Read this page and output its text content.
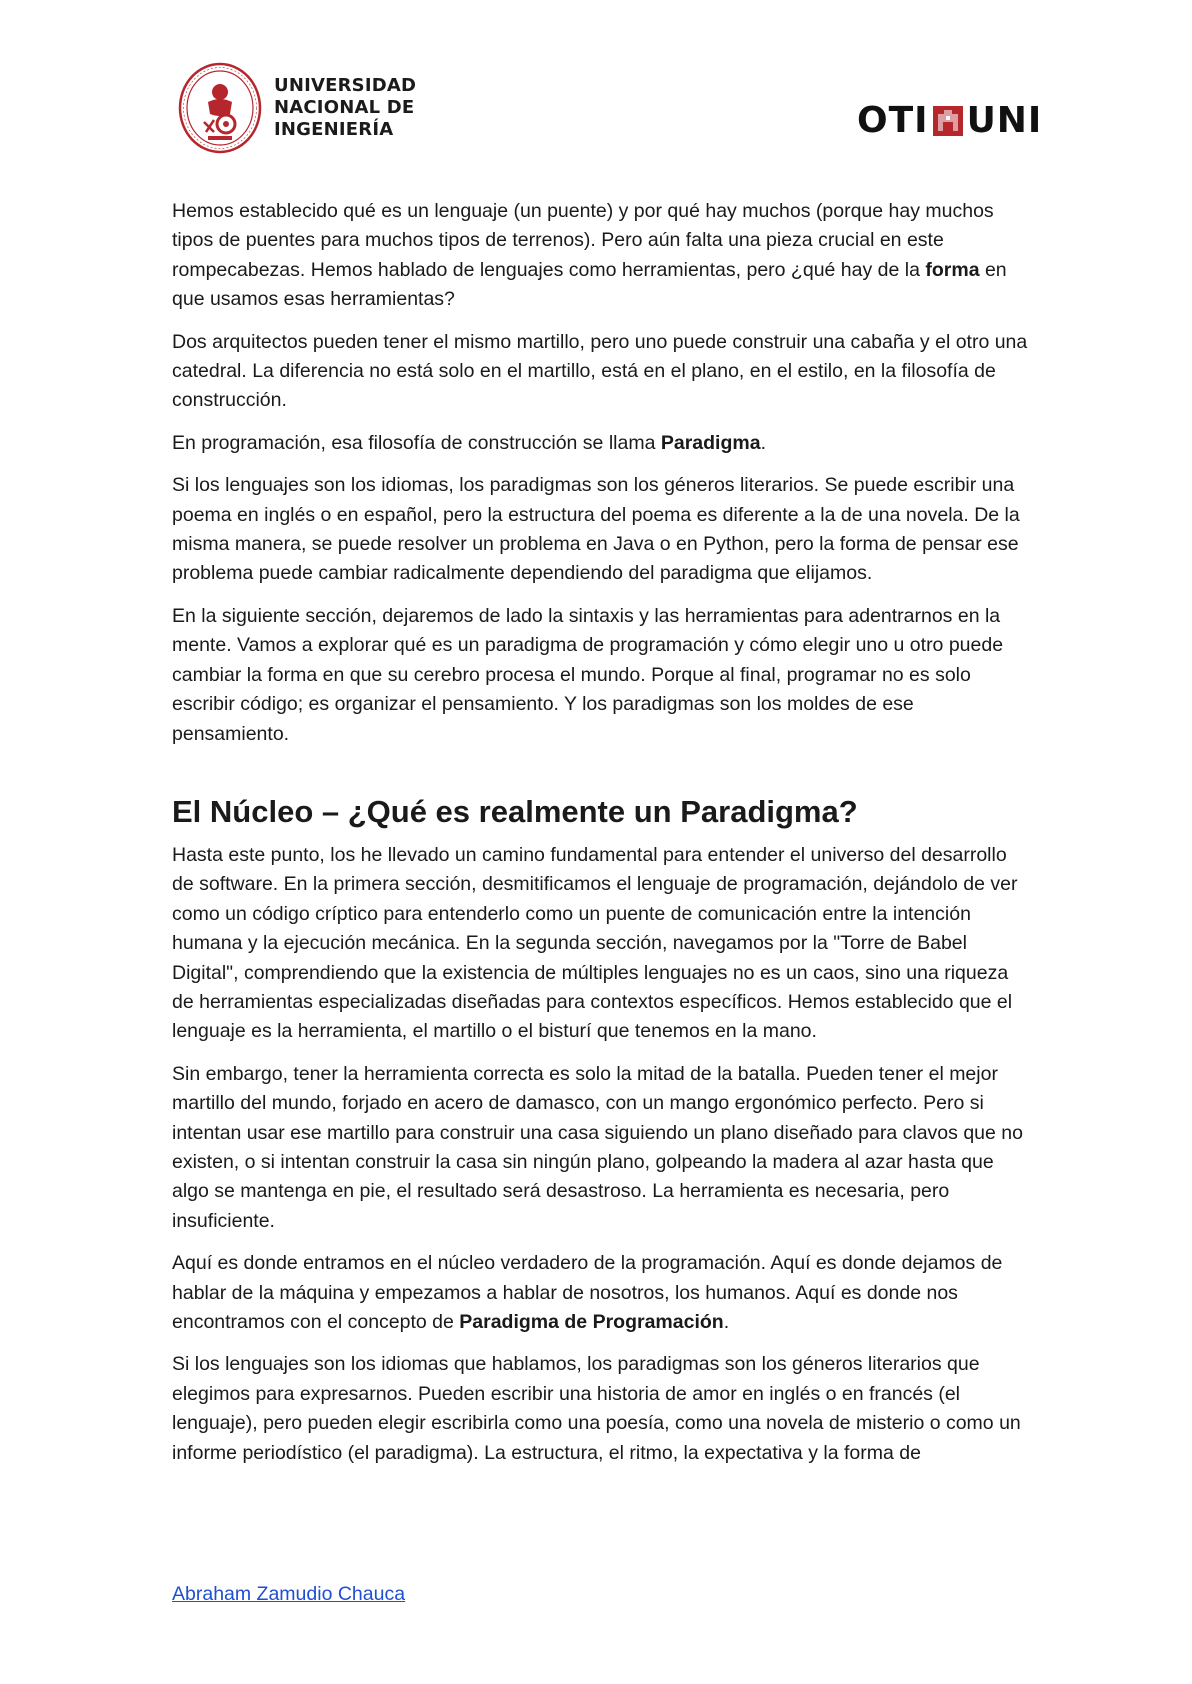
UNIVERSIDAD
NACIONAL DE
INGENIERÍA	OTI UNI

Hemos establecido qué es un lenguaje (un puente) y por qué hay muchos (porque hay muchos tipos de puentes para muchos tipos de terrenos). Pero aún falta una pieza crucial en este rompecabezas. Hemos hablado de lenguajes como herramientas, pero ¿qué hay de la forma en que usamos esas herramientas?

Dos arquitectos pueden tener el mismo martillo, pero uno puede construir una cabaña y el otro una catedral. La diferencia no está solo en el martillo, está en el plano, en el estilo, en la filosofía de construcción.

En programación, esa filosofía de construcción se llama Paradigma.

Si los lenguajes son los idiomas, los paradigmas son los géneros literarios. Se puede escribir una poema en inglés o en español, pero la estructura del poema es diferente a la de una novela. De la misma manera, se puede resolver un problema en Java o en Python, pero la forma de pensar ese problema puede cambiar radicalmente dependiendo del paradigma que elijamos.

En la siguiente sección, dejaremos de lado la sintaxis y las herramientas para adentrarnos en la mente. Vamos a explorar qué es un paradigma de programación y cómo elegir uno u otro puede cambiar la forma en que su cerebro procesa el mundo. Porque al final, programar no es solo escribir código; es organizar el pensamiento. Y los paradigmas son los moldes de ese pensamiento.

El Núcleo – ¿Qué es realmente un Paradigma?

Hasta este punto, los he llevado un camino fundamental para entender el universo del desarrollo de software. En la primera sección, desmitificamos el lenguaje de programación, dejándolo de ver como un código críptico para entenderlo como un puente de comunicación entre la intención humana y la ejecución mecánica. En la segunda sección, navegamos por la "Torre de Babel Digital", comprendiendo que la existencia de múltiples lenguajes no es un caos, sino una riqueza de herramientas especializadas diseñadas para contextos específicos. Hemos establecido que el lenguaje es la herramienta, el martillo o el bisturí que tenemos en la mano.

Sin embargo, tener la herramienta correcta es solo la mitad de la batalla. Pueden tener el mejor martillo del mundo, forjado en acero de damasco, con un mango ergonómico perfecto. Pero si intentan usar ese martillo para construir una casa siguiendo un plano diseñado para clavos que no existen, o si intentan construir la casa sin ningún plano, golpeando la madera al azar hasta que algo se mantenga en pie, el resultado será desastroso. La herramienta es necesaria, pero insuficiente.

Aquí es donde entramos en el núcleo verdadero de la programación. Aquí es donde dejamos de hablar de la máquina y empezamos a hablar de nosotros, los humanos. Aquí es donde nos encontramos con el concepto de Paradigma de Programación.

Si los lenguajes son los idiomas que hablamos, los paradigmas son los géneros literarios que elegimos para expresarnos. Pueden escribir una historia de amor en inglés o en francés (el lenguaje), pero pueden elegir escribirla como una poesía, como una novela de misterio o como un informe periodístico (el paradigma). La estructura, el ritmo, la expectativa y la forma de

Abraham Zamudio Chauca
